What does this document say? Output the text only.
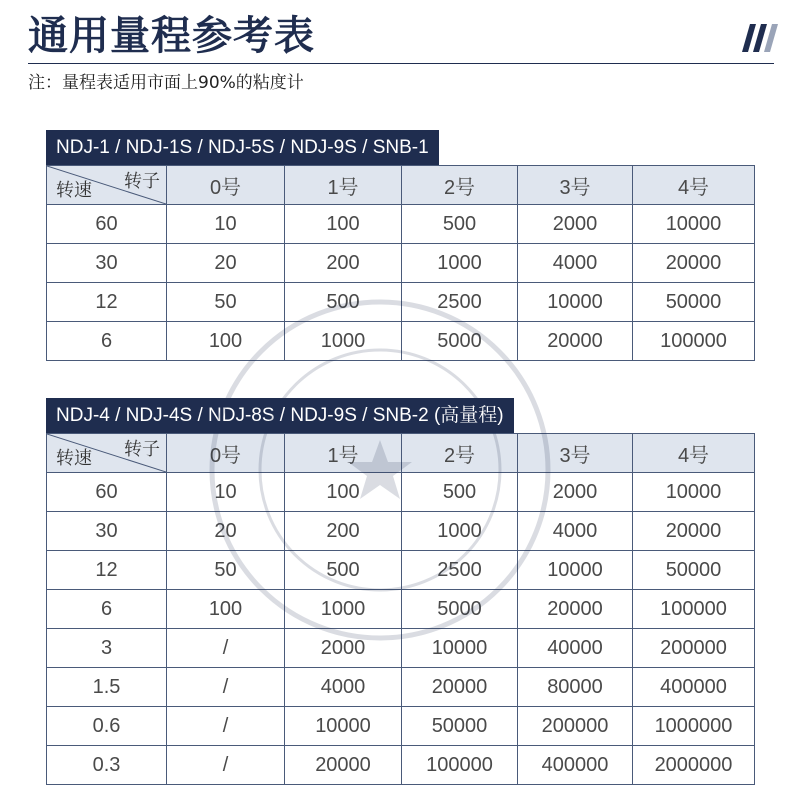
通用量程参考表
注：量程表适用市面上90%的粘度计
NDJ-1 / NDJ-1S / NDJ-5S / NDJ-9S / SNB-1
转子
转速	0号	1号	2号	3号	4号
60	10	100	500	2000	10000
30	20	200	1000	4000	20000
12	50	500	2500	10000	50000
6	100	1000	5000	20000	100000
NDJ-4 / NDJ-4S / NDJ-8S / NDJ-9S / SNB-2 (高量程)
转子
转速	0号	1号	2号	3号	4号
60	10	100	500	2000	10000
30	20	200	1000	4000	20000
12	50	500	2500	10000	50000
6	100	1000	5000	20000	100000
3	/	2000	10000	40000	200000
1.5	/	4000	20000	80000	400000
0.6	/	10000	50000	200000	1000000
0.3	/	20000	100000	400000	2000000
